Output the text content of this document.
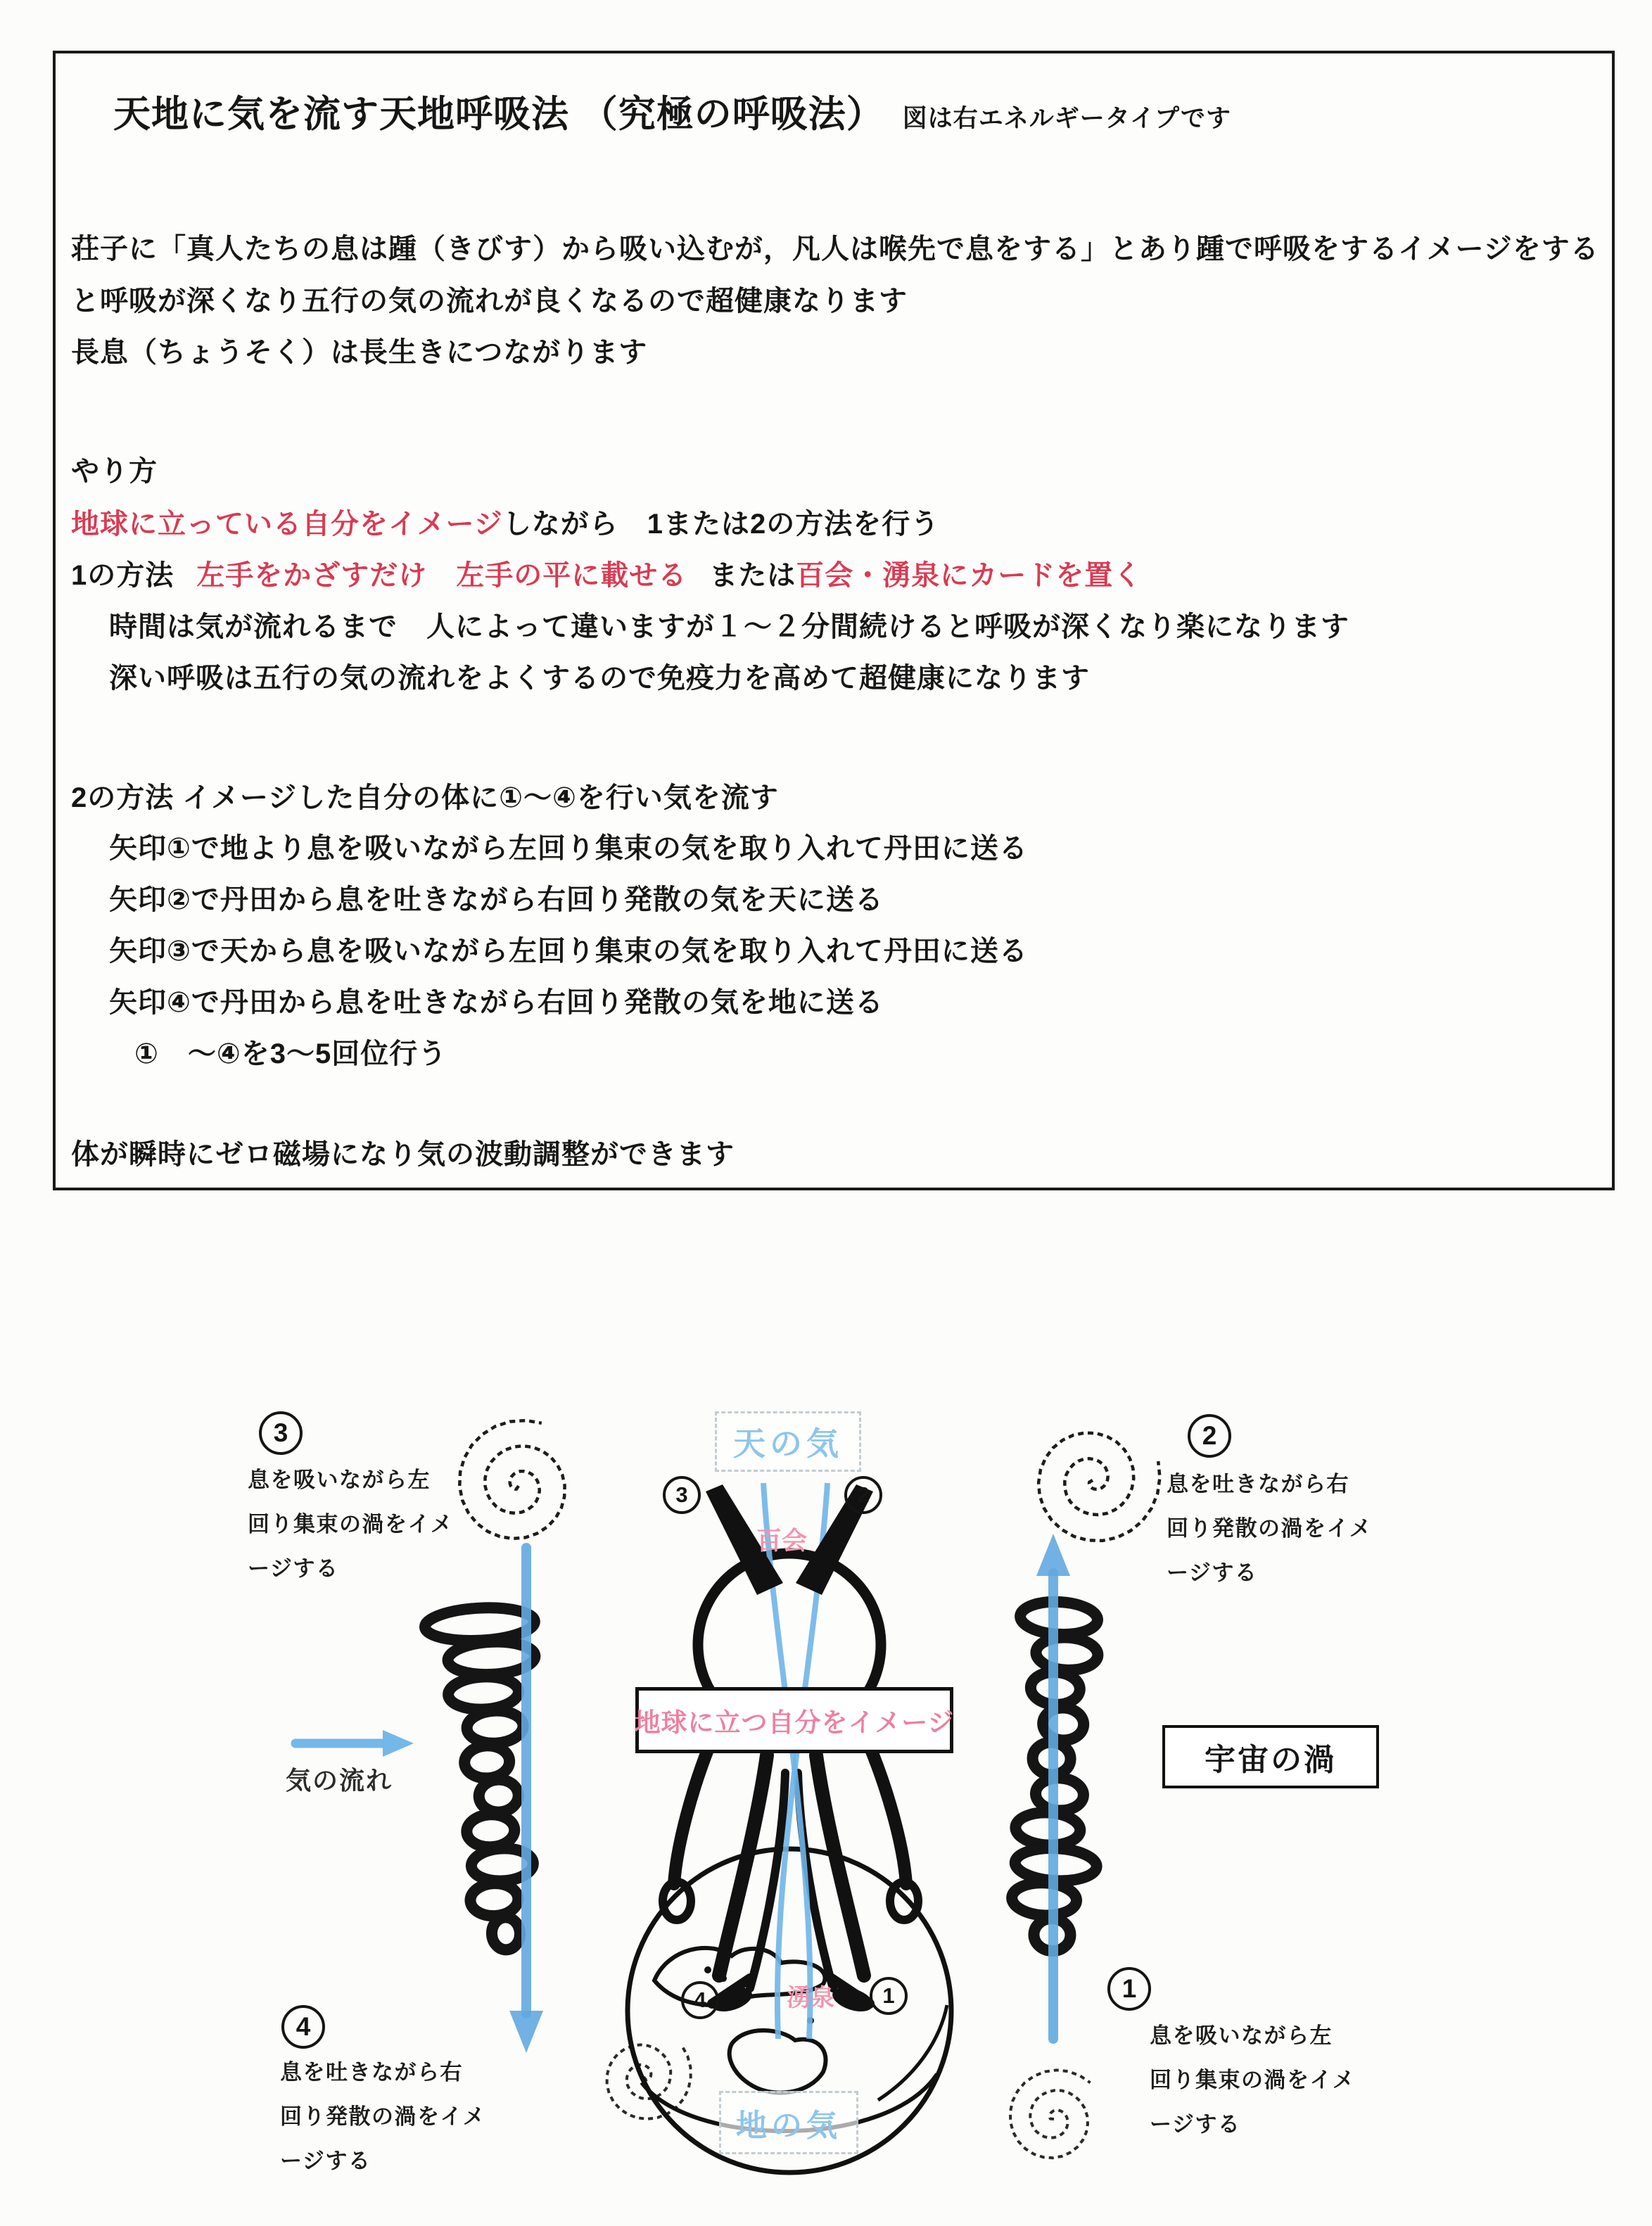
天地に気を流す天地呼吸法 （究極の呼吸法） 図は右エネルギータイプです
荘子に「真人たちの息は踵（きびす）から吸い込むが，凡人は喉先で息をする」とあり踵で呼吸をするイメージをする
と呼吸が深くなり五行の気の流れが良くなるので超健康なります
長息（ちょうそく）は長生きにつながります
やり方
地球に立っている自分をイメージしながら　1または2の方法を行う
1の方法 左手をかざすだけ　左手の平に載せる または百会・湧泉にカードを置く
時間は気が流れるまで　人によって違いますが１～２分間続けると呼吸が深くなり楽になります
深い呼吸は五行の気の流れをよくするので免疫力を高めて超健康になります
2の方法 イメージした自分の体に①～④を行い気を流す
矢印①で地より息を吸いながら左回り集束の気を取り入れて丹田に送る
矢印②で丹田から息を吐きながら右回り発散の気を天に送る
矢印③で天から息を吸いながら左回り集束の気を取り入れて丹田に送る
矢印④で丹田から息を吐きながら右回り発散の気を地に送る
①　～④を3～5回位行う
体が瞬時にゼロ磁場になり気の波動調整ができます
天の気
地の気
百会
湧泉
地球に立つ自分をイメージ
宇宙の渦
気の流れ
3	2
4
1
3	2
4	1
息を吸いながら左
回り集束の渦をイメ
ージする
息を吐きながら右
回り発散の渦をイメ
ージする
息を吐きながら右
回り発散の渦をイメ
ージする
息を吸いながら左
回り集束の渦をイメ
ージする
